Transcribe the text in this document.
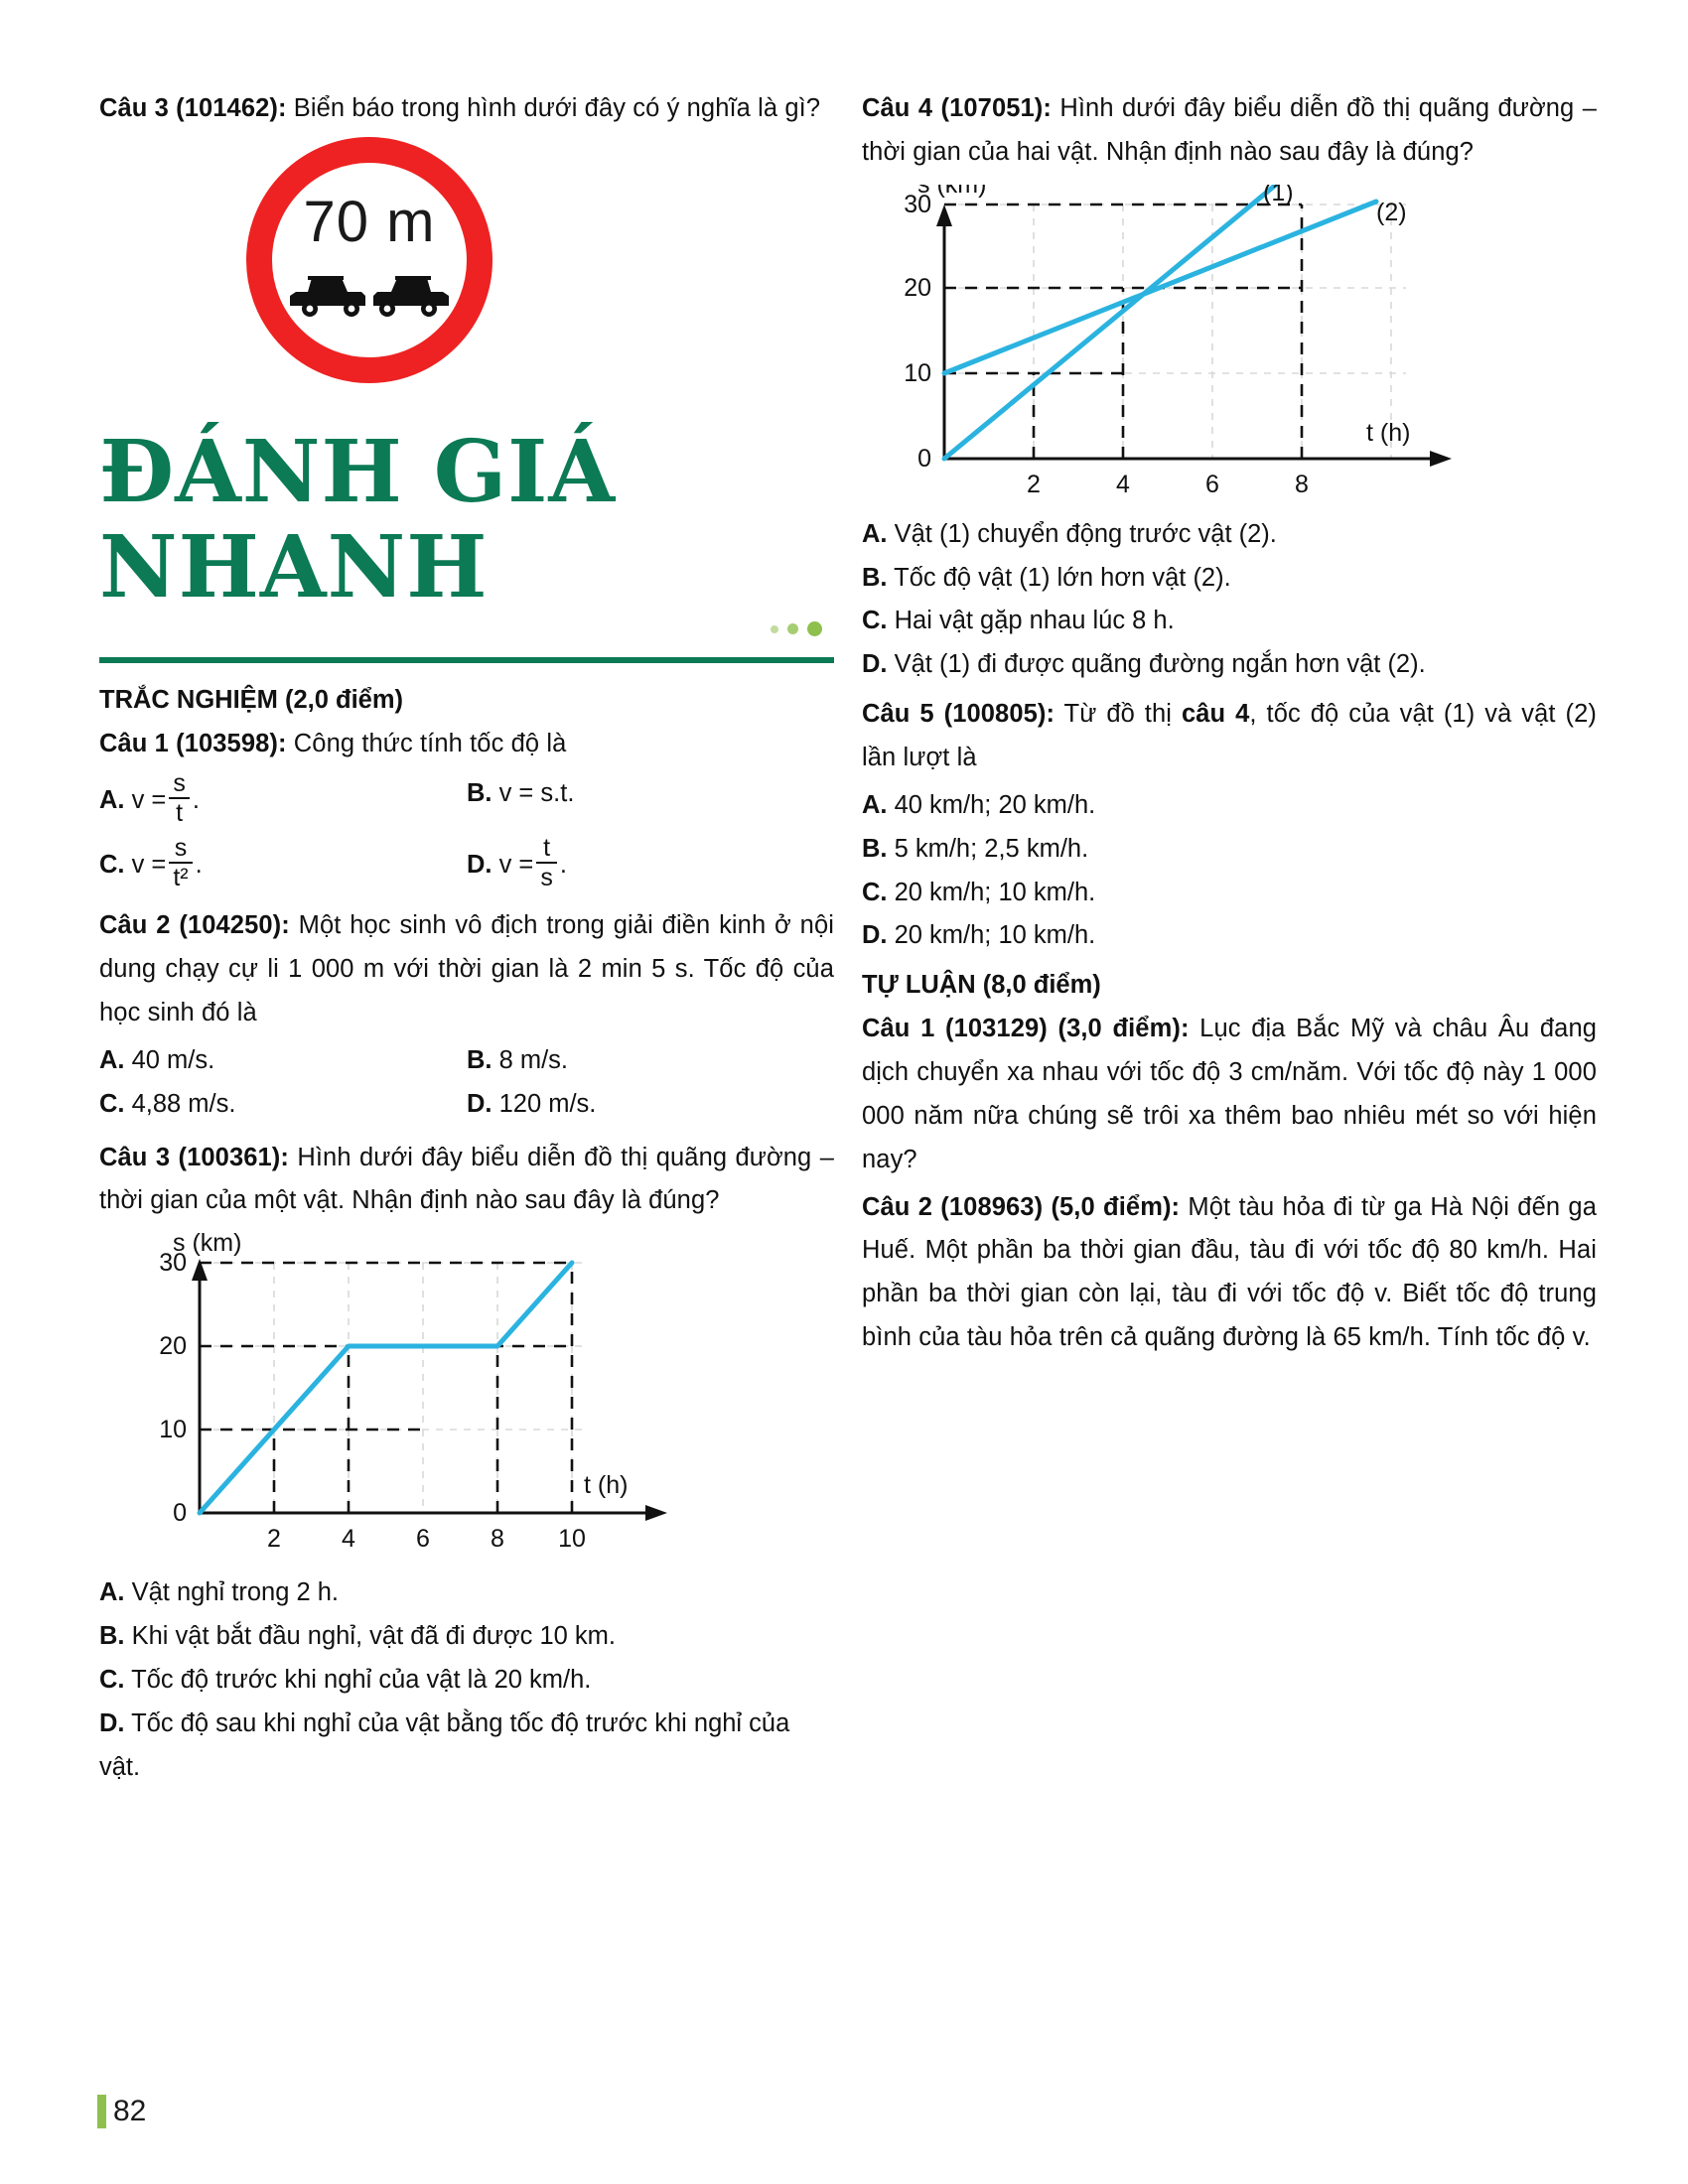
Câu 3 (101462): Biển báo trong hình dưới đây có ý nghĩa là gì?

70 m
ĐÁNH GIÁ
NHANH

TRẮC NGHIỆM (2,0 điểm)

Câu 1 (103598): Công thức tính tốc độ là

A. $v = \frac{s}{t}$ .	B. v = s.t.
C. $v = \frac{s}{\text{t²}}$ .	D. $v = \frac{t}{s}$ .

Câu 2 (104250): Một học sinh vô địch trong giải điền kinh ở nội dung chạy cự li 1 000 m với thời gian là 2 min 5 s. Tốc độ của học sinh đó là

A. 40 m/s.	B. 8 m/s.
C. 4,88 m/s.	D. 120 m/s.

Câu 3 (100361): Hình dưới đây biểu diễn đồ thị quãng đường – thời gian của một vật. Nhận định nào sau đây là đúng?

0
10
20
30
2 4 6 8 10
s (km)
t (h)

A. Vật nghỉ trong 2 h.

B. Khi vật bắt đầu nghỉ, vật đã đi được 10 km.

C. Tốc độ trước khi nghỉ của vật là 20 km/h.

D. Tốc độ sau khi nghỉ của vật bằng tốc độ trước khi nghỉ của vật.

Câu 4 (107051): Hình dưới đây biểu diễn đồ thị quãng đường – thời gian của hai vật. Nhận định nào sau đây là đúng?

0
10
20
30
2	4	6	8
s (km)
t (h)
(1)
(2)

A. Vật (1) chuyển động trước vật (2).

B. Tốc độ vật (1) lớn hơn vật (2).

C. Hai vật gặp nhau lúc 8 h.

D. Vật (1) đi được quãng đường ngắn hơn vật (2).

Câu 5 (100805): Từ đồ thị câu 4, tốc độ của vật (1) và vật (2) lần lượt là

A. 40 km/h; 20 km/h.

B. 5 km/h; 2,5 km/h.

C. 20 km/h; 10 km/h.

D. 20 km/h; 10 km/h.

TỰ LUẬN (8,0 điểm)

Câu 1 (103129) (3,0 điểm): Lục địa Bắc Mỹ và châu Âu đang dịch chuyển xa nhau với tốc độ 3 cm/năm. Với tốc độ này 1 000 000 năm nữa chúng sẽ trôi xa thêm bao nhiêu mét so với hiện nay?

Câu 2 (108963) (5,0 điểm): Một tàu hỏa đi từ ga Hà Nội đến ga Huế. Một phần ba thời gian đầu, tàu đi với tốc độ 80 km/h. Hai phần ba thời gian còn lại, tàu đi với tốc độ v. Biết tốc độ trung bình của tàu hỏa trên cả quãng đường là 65 km/h. Tính tốc độ v.

82
